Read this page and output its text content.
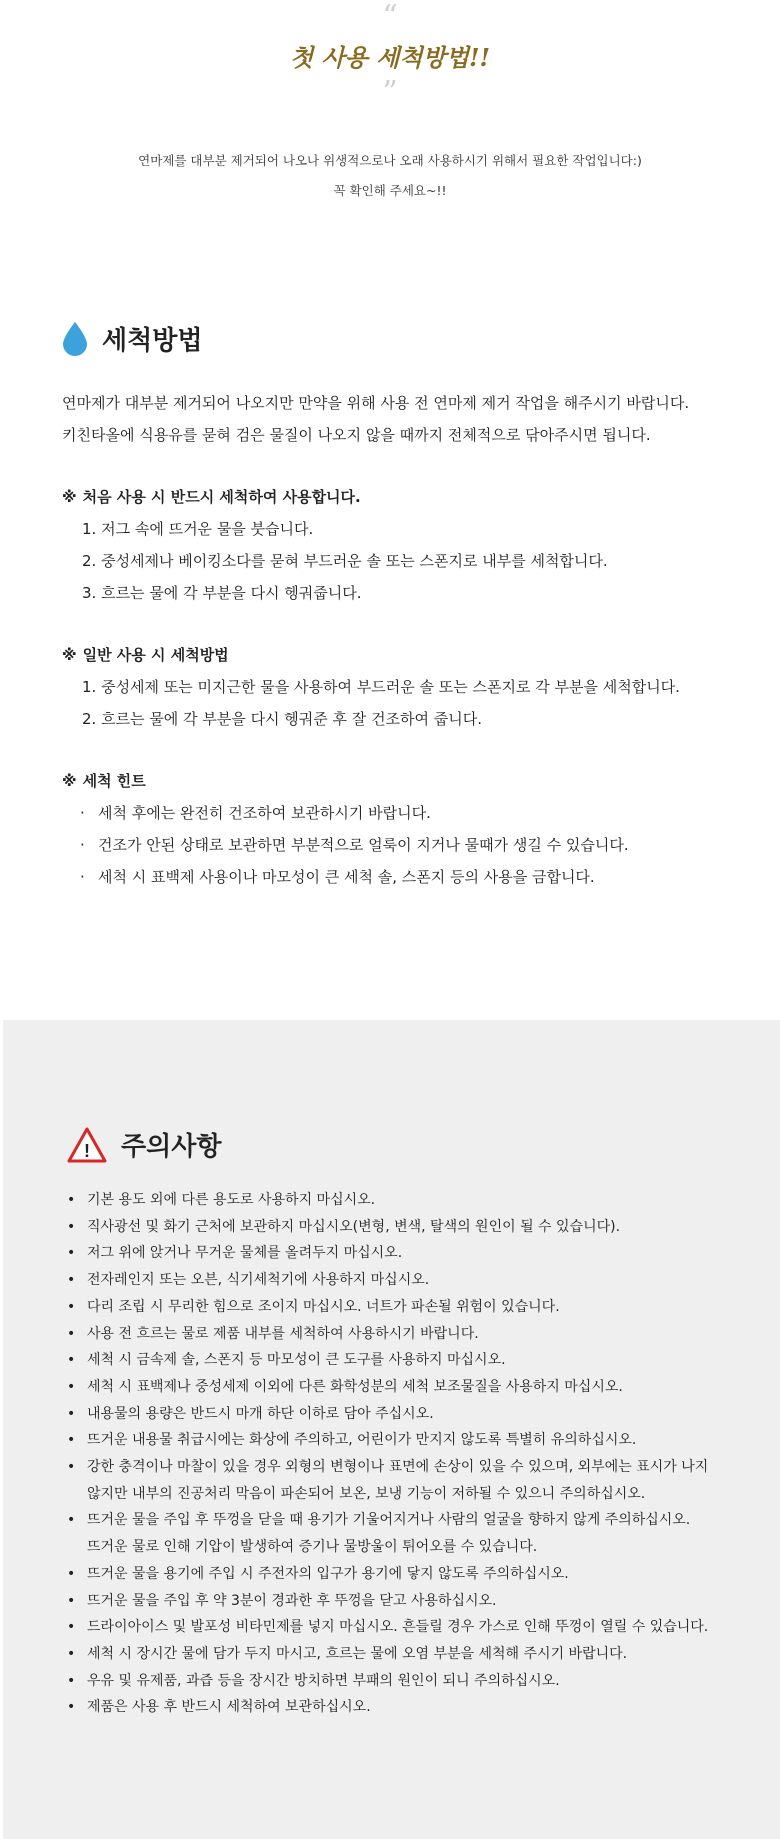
“
첫 사용 세척방법!!
”
연마제를 대부분 제거되어 나오나 위생적으로나 오래 사용하시기 위해서 필요한 작업입니다:)
꼭 확인해 주세요~!!
세척방법
연마제가 대부분 제거되어 나오지만 만약을 위해 사용 전 연마제 제거 작업을 해주시기 바랍니다.
키친타올에 식용유를 묻혀 검은 물질이 나오지 않을 때까지 전체적으로 닦아주시면 됩니다.
※ 처음 사용 시 반드시 세척하여 사용합니다.
1. 저그 속에 뜨거운 물을 붓습니다.
2. 중성세제나 베이킹소다를 묻혀 부드러운 솔 또는 스폰지로 내부를 세척합니다.
3. 흐르는 물에 각 부분을 다시 헹궈줍니다.
※ 일반 사용 시 세척방법
1. 중성세제 또는 미지근한 물을 사용하여 부드러운 솔 또는 스폰지로 각 부분을 세척합니다.
2. 흐르는 물에 각 부분을 다시 헹궈준 후 잘 건조하여 줍니다.
※ 세척 힌트
· 세척 후에는 완전히 건조하여 보관하시기 바랍니다.
· 건조가 안된 상태로 보관하면 부분적으로 얼룩이 지거나 물때가 생길 수 있습니다.
· 세척 시 표백제 사용이나 마모성이 큰 세척 솔, 스폰지 등의 사용을 금합니다.
! 주의사항
• 기본 용도 외에 다른 용도로 사용하지 마십시오.
• 직사광선 및 화기 근처에 보관하지 마십시오(변형, 변색, 탈색의 원인이 될 수 있습니다).
• 저그 위에 앉거나 무거운 물체를 올려두지 마십시오.
• 전자레인지 또는 오븐, 식기세척기에 사용하지 마십시오.
• 다리 조립 시 무리한 힘으로 조이지 마십시오. 너트가 파손될 위험이 있습니다.
• 사용 전 흐르는 물로 제품 내부를 세척하여 사용하시기 바랍니다.
• 세척 시 금속제 솔, 스폰지 등 마모성이 큰 도구를 사용하지 마십시오.
• 세척 시 표백제나 중성세제 이외에 다른 화학성분의 세척 보조물질을 사용하지 마십시오.
• 내용물의 용량은 반드시 마개 하단 이하로 담아 주십시오.
• 뜨거운 내용물 취급시에는 화상에 주의하고, 어린이가 만지지 않도록 특별히 유의하십시오.
• 강한 충격이나 마찰이 있을 경우 외형의 변형이나 표면에 손상이 있을 수 있으며, 외부에는 표시가 나지
않지만 내부의 진공처리 막음이 파손되어 보온, 보냉 기능이 저하될 수 있으니 주의하십시오.
• 뜨거운 물을 주입 후 뚜껑을 닫을 때 용기가 기울어지거나 사람의 얼굴을 향하지 않게 주의하십시오.
뜨거운 물로 인해 기압이 발생하여 증기나 물방울이 튀어오를 수 있습니다.
• 뜨거운 물을 용기에 주입 시 주전자의 입구가 용기에 닿지 않도록 주의하십시오.
• 뜨거운 물을 주입 후 약 3분이 경과한 후 뚜껑을 닫고 사용하십시오.
• 드라이아이스 및 발포성 비타민제를 넣지 마십시오. 흔들릴 경우 가스로 인해 뚜껑이 열릴 수 있습니다.
• 세척 시 장시간 물에 담가 두지 마시고, 흐르는 물에 오염 부분을 세척해 주시기 바랍니다.
• 우유 및 유제품, 과즙 등을 장시간 방치하면 부패의 원인이 되니 주의하십시오.
• 제품은 사용 후 반드시 세척하여 보관하십시오.
